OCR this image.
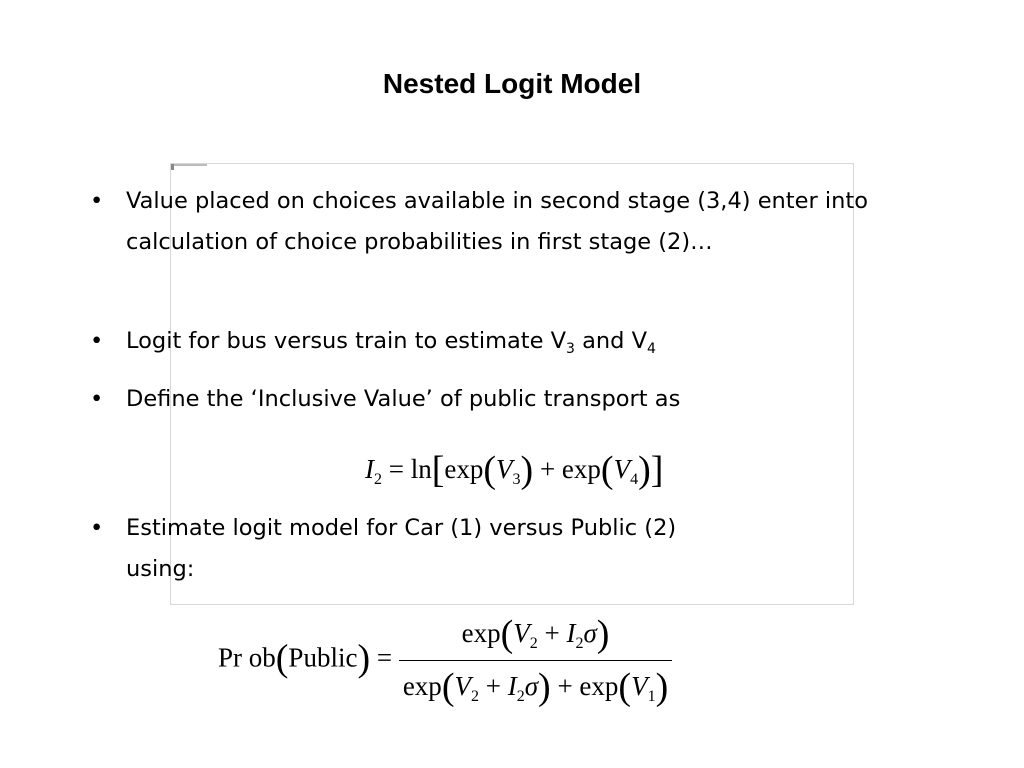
Nested Logit Model
• Value placed on choices available in second stage (3,4) enter into calculation of choice probabilities in first stage (2)…
• Logit for bus versus train to estimate $V_3$ and $V_4$
• Define the ‘Inclusive Value’ of public transport as
$I_2 = \ln[\exp(V_3) + \exp(V_4)]$
• Estimate logit model for Car (1) versus Public (2)
using:
Pr ob(Public) = $\frac{\exp(V_2 + I_2\sigma)}{\exp(V_2 + I_2\sigma) + \exp(V_1)}$
